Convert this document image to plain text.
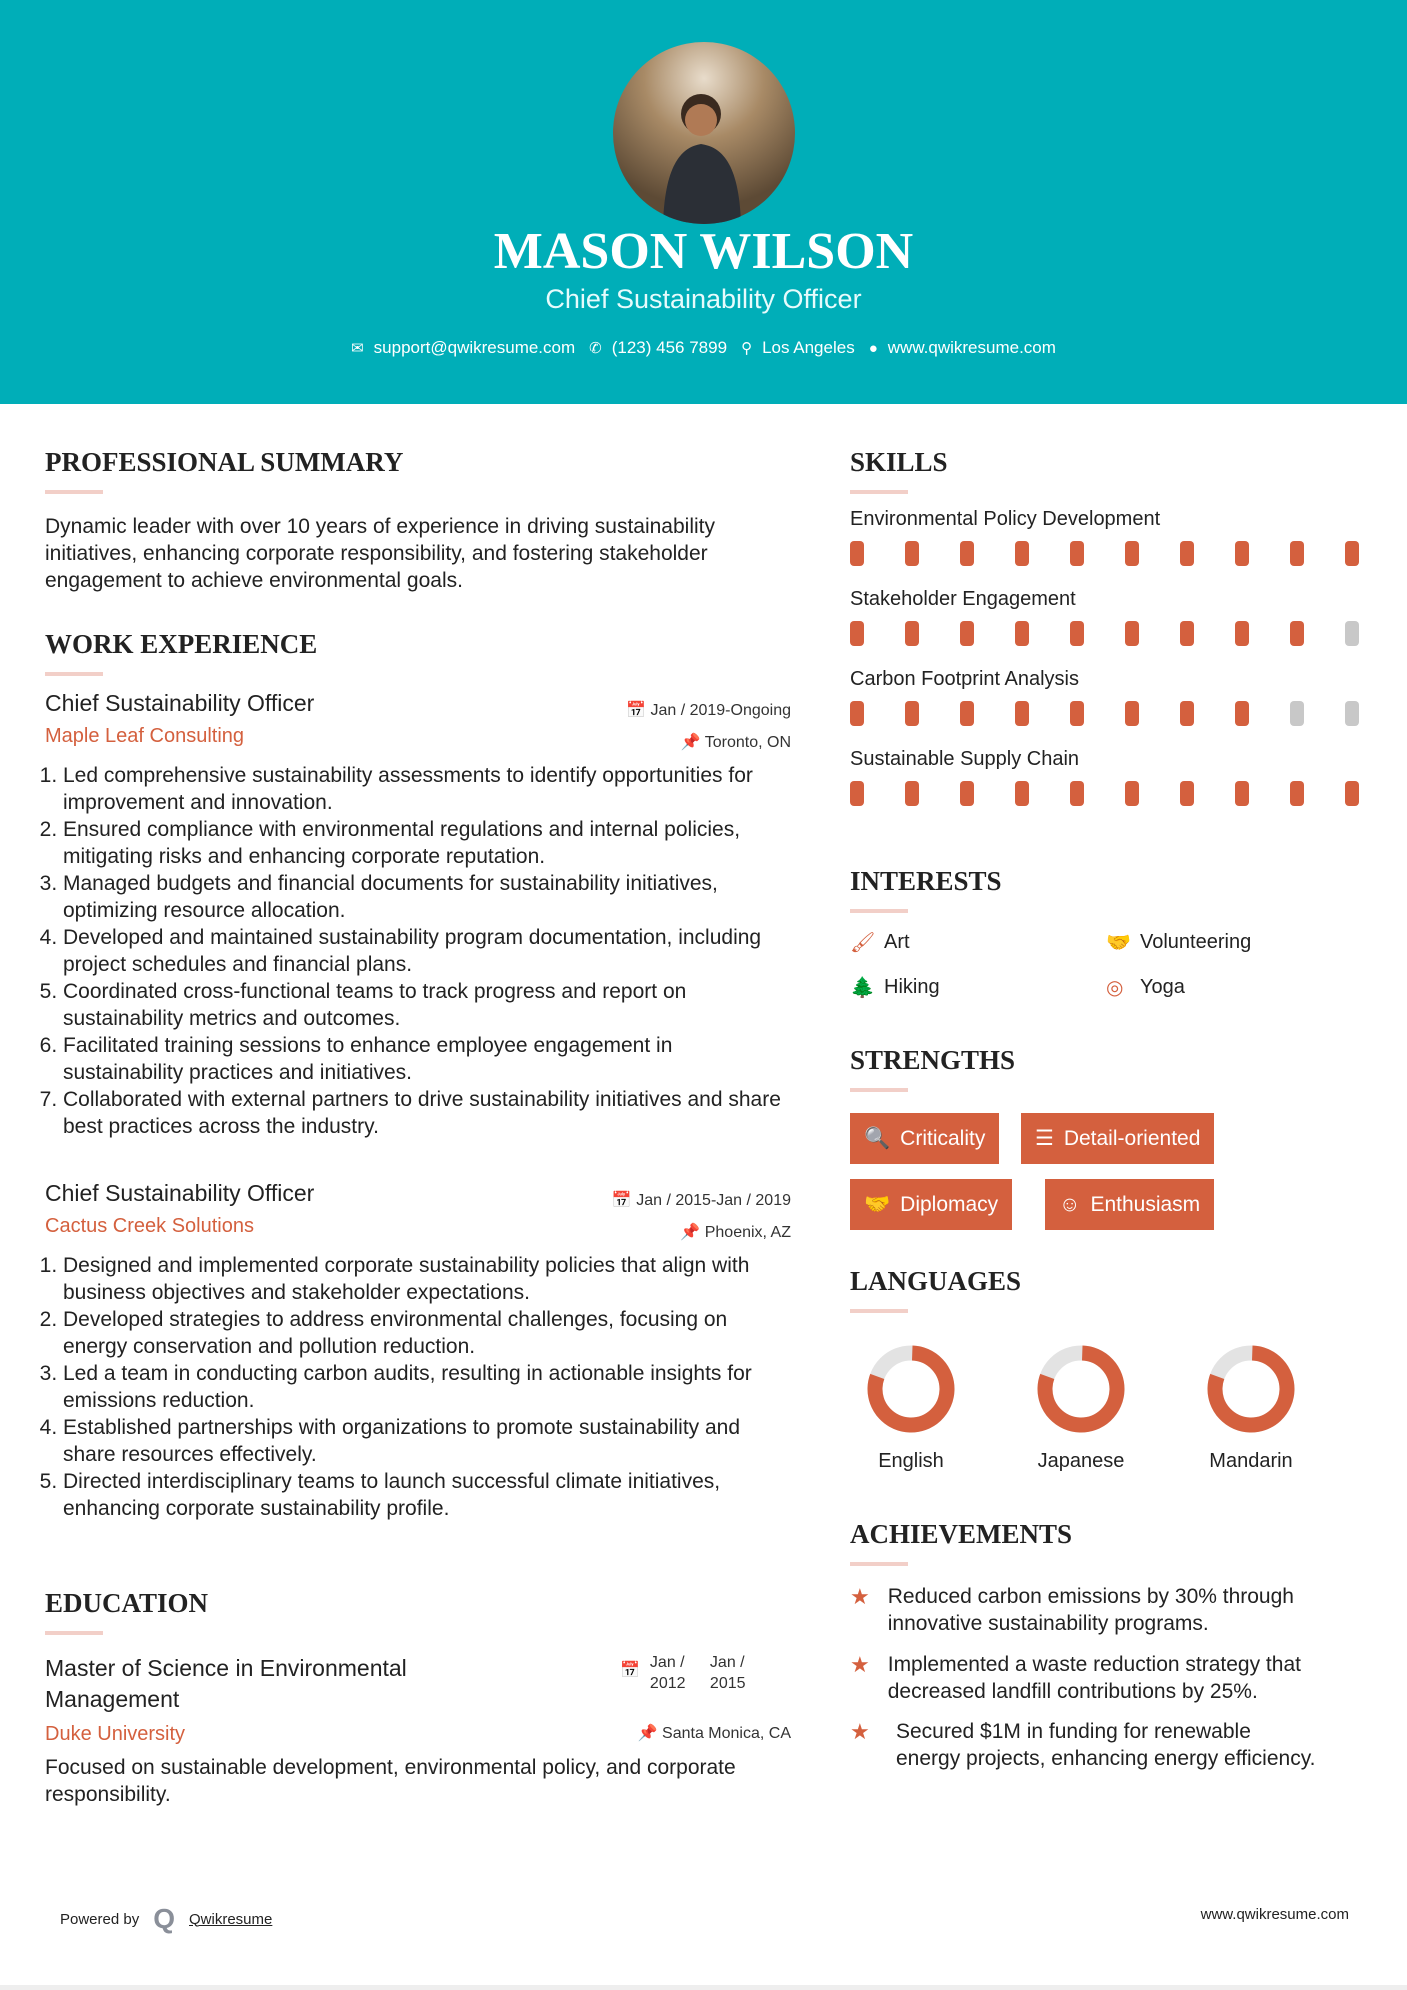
MASON WILSON
Chief Sustainability Officer
✉ support@qwikresume.com ✆ (123) 456 7899 ⚲ Los Angeles ● www.qwikresume.com
PROFESSIONAL SUMMARY
Dynamic leader with over 10 years of experience in driving sustainability initiatives, enhancing corporate responsibility, and fostering stakeholder engagement to achieve environmental goals.
WORK EXPERIENCE
Chief Sustainability Officer	📅 Jan / 2019-Ongoing
Maple Leaf Consulting	📌 Toronto, ON
1. Led comprehensive sustainability assessments to identify opportunities for improvement and innovation.
2. Ensured compliance with environmental regulations and internal policies, mitigating risks and enhancing corporate reputation.
3. Managed budgets and financial documents for sustainability initiatives, optimizing resource allocation.
4. Developed and maintained sustainability program documentation, including project schedules and financial plans.
5. Coordinated cross-functional teams to track progress and report on sustainability metrics and outcomes.
6. Facilitated training sessions to enhance employee engagement in sustainability practices and initiatives.
7. Collaborated with external partners to drive sustainability initiatives and share best practices across the industry.
Chief Sustainability Officer	📅 Jan / 2015-Jan / 2019
Cactus Creek Solutions	📌 Phoenix, AZ
1. Designed and implemented corporate sustainability policies that align with business objectives and stakeholder expectations.
2. Developed strategies to address environmental challenges, focusing on energy conservation and pollution reduction.
3. Led a team in conducting carbon audits, resulting in actionable insights for emissions reduction.
4. Established partnerships with organizations to promote sustainability and share resources effectively.
5. Directed interdisciplinary teams to launch successful climate initiatives, enhancing corporate sustainability profile.
EDUCATION
Master of Science in Environmental Management
Duke University
Focused on sustainable development, environmental policy, and corporate responsibility.
📅 Jan / 2012
Jan / 2015
📌 Santa Monica, CA
Powered by Q Qwikresume	www.qwikresume.com
SKILLS
Environmental Policy Development
Stakeholder Engagement
Carbon Footprint Analysis
Sustainable Supply Chain
INTERESTS
🖌 Art	🤝 Volunteering
🌲 Hiking	◎ Yoga
STRENGTHS
🔍 Criticality ☰ Detail-oriented
🤝 Diplomacy	☺ Enthusiasm
LANGUAGES
English	Japanese	Mandarin
ACHIEVEMENTS
★ Reduced carbon emissions by 30% through innovative sustainability programs.
★ Implemented a waste reduction strategy that decreased landfill contributions by 25%.
★	Secured $1M in funding for renewable energy projects, enhancing energy efficiency.
